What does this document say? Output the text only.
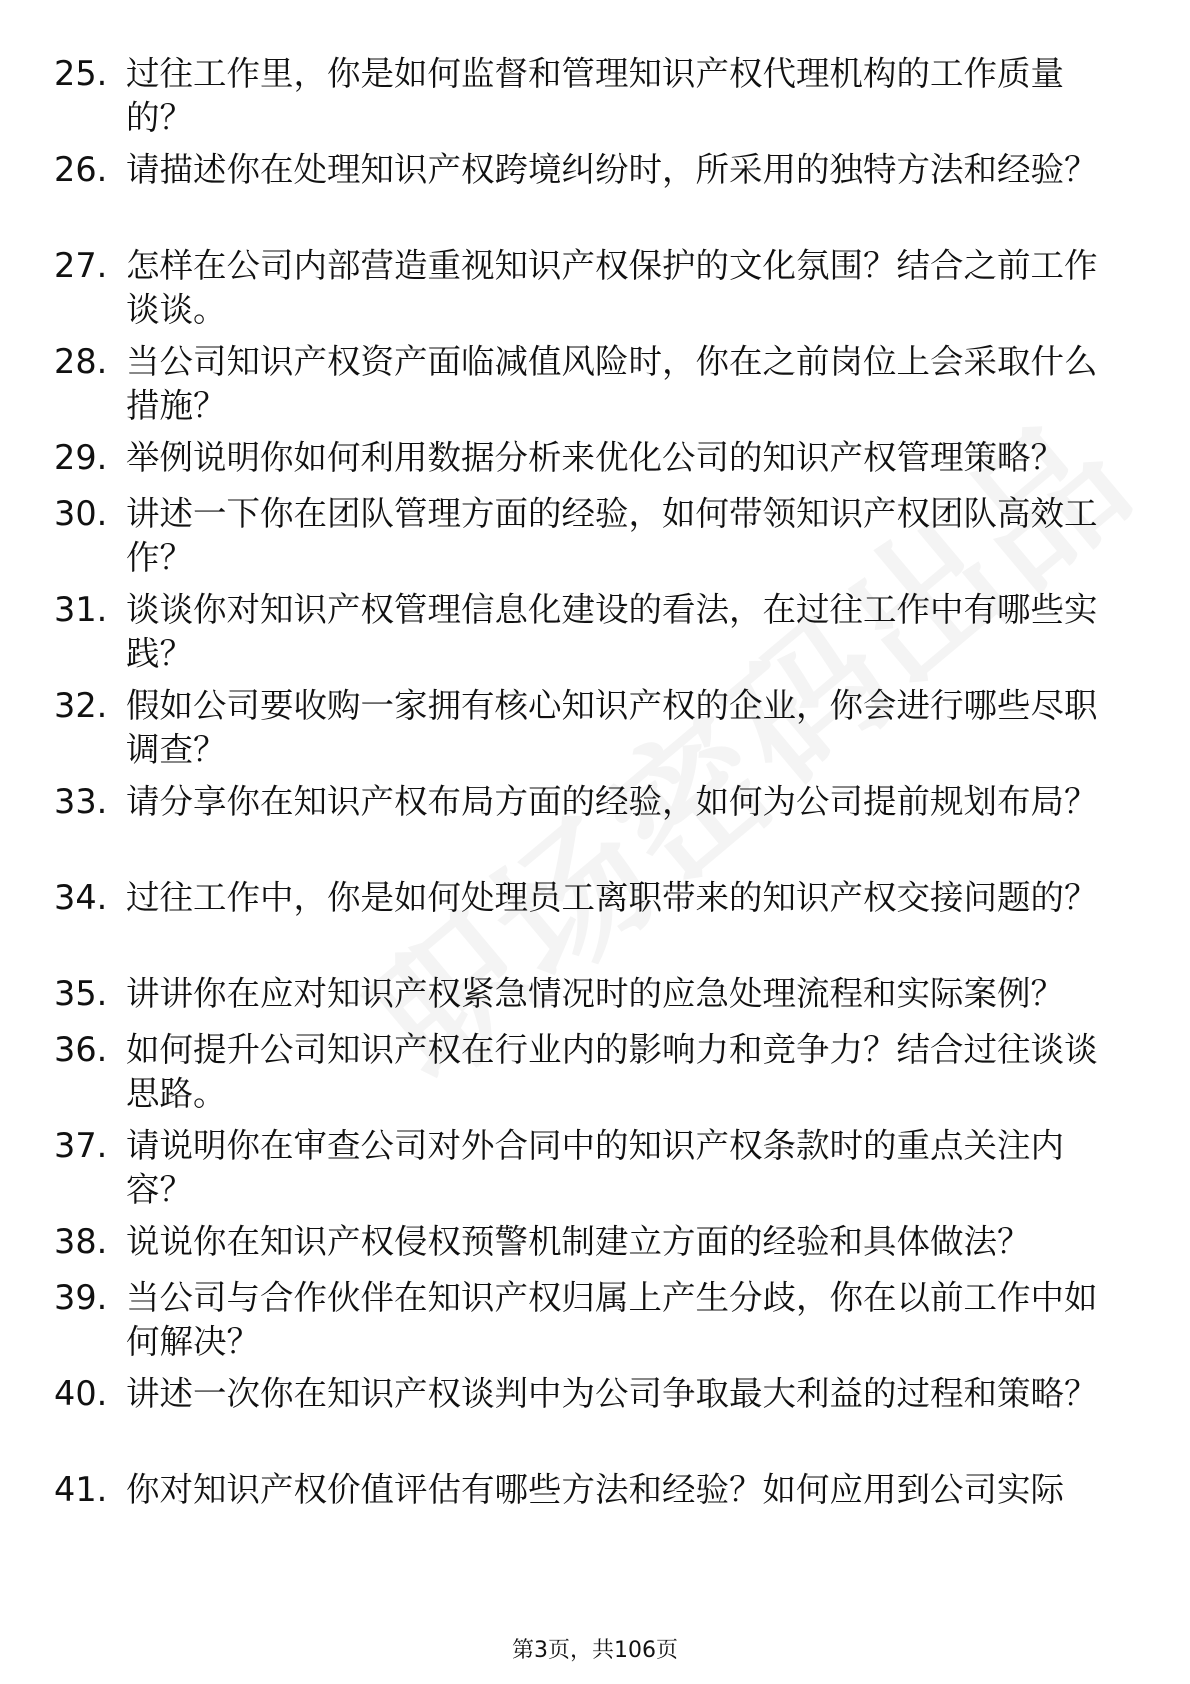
25. 过往工作里，你是如何监督和管理知识产权代理机构的工作质量的？
26. 请描述你在处理知识产权跨境纠纷时，所采用的独特方法和经验？
27. 怎样在公司内部营造重视知识产权保护的文化氛围？结合之前工作谈谈。
28. 当公司知识产权资产面临减值风险时，你在之前岗位上会采取什么措施？
29. 举例说明你如何利用数据分析来优化公司的知识产权管理策略？
30. 讲述一下你在团队管理方面的经验，如何带领知识产权团队高效工作？
31. 谈谈你对知识产权管理信息化建设的看法，在过往工作中有哪些实践？
32. 假如公司要收购一家拥有核心知识产权的企业，你会进行哪些尽职调查？
33. 请分享你在知识产权布局方面的经验，如何为公司提前规划布局？
34. 过往工作中，你是如何处理员工离职带来的知识产权交接问题的？
35. 讲讲你在应对知识产权紧急情况时的应急处理流程和实际案例？
36. 如何提升公司知识产权在行业内的影响力和竞争力？结合过往谈谈思路。
37. 请说明你在审查公司对外合同中的知识产权条款时的重点关注内容？
38. 说说你在知识产权侵权预警机制建立方面的经验和具体做法？
39. 当公司与合作伙伴在知识产权归属上产生分歧，你在以前工作中如何解决？
40. 讲述一次你在知识产权谈判中为公司争取最大利益的过程和策略？
41. 你对知识产权价值评估有哪些方法和经验？如何应用到公司实际
第3页，共106页
